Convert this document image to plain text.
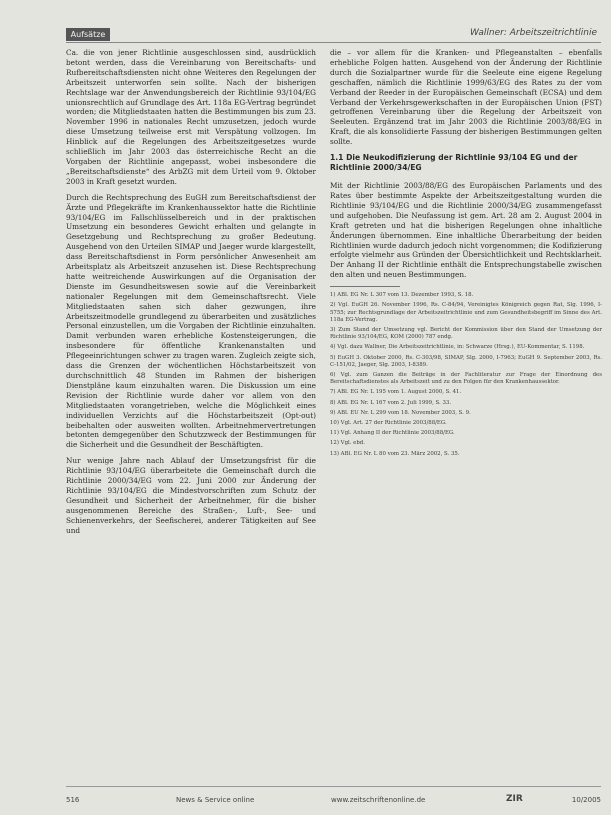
Aufsätze	Wallner: Arbeitszeitrichtlinie

Ca. die von jener Richtlinie ausgeschlossen sind, ausdrücklich betont werden, dass die Vereinbarung von Bereitschafts- und Rufbereitschaftsdiensten nicht ohne Weiteres den Regelungen der Arbeitszeit unterworfen sein sollte. Nach der bisherigen Rechtslage war der Anwendungsbereich der Richtlinie 93/104/EG unionsrechtlich auf Grundlage des Art. 118a EG-Vertrag begründet worden; die Mitgliedstaaten hatten die Bestimmungen bis zum 23. November 1996 in nationales Recht umzusetzen, jedoch wurde diese Umsetzung teilweise erst mit Verspätung vollzogen. Im Hinblick auf die Regelungen des Arbeitszeitgesetzes wurde schließlich im Jahr 2003 das österreichische Recht an die Vorgaben der Richtlinie angepasst, wobei insbesondere die „Bereitschaftsdienste“ des ArbZG mit dem Urteil vom 9. Oktober 2003 in Kraft gesetzt wurden.

Durch die Rechtsprechung des EuGH zum Bereitschaftsdienst der Ärzte und Pflegekräfte im Krankenhaussektor hatte die Richtlinie 93/104/EG im Fallschlüsselbereich und in der praktischen Umsetzung ein besonderes Gewicht erhalten und gelangte in Gesetzgebung und Rechtsprechung zu großer Bedeutung. Ausgehend von den Urteilen SIMAP und Jaeger wurde klargestellt, dass Bereitschaftsdienst in Form persönlicher Anwesenheit am Arbeitsplatz als Arbeitszeit anzusehen ist. Diese Rechtsprechung hatte weitreichende Auswirkungen auf die Organisation der Dienste im Gesundheitswesen sowie auf die Vereinbarkeit nationaler Regelungen mit dem Gemeinschaftsrecht. Viele Mitgliedstaaten sahen sich daher gezwungen, ihre Arbeitszeitmodelle grundlegend zu überarbeiten und zusätzliches Personal einzustellen, um die Vorgaben der Richtlinie einzuhalten. Damit verbunden waren erhebliche Kostensteigerungen, die insbesondere für öffentliche Krankenanstalten und Pflegeeinrichtungen schwer zu tragen waren. Zugleich zeigte sich, dass die Grenzen der wöchentlichen Höchstarbeitszeit von durchschnittlich 48 Stunden im Rahmen der bisherigen Dienstpläne kaum einzuhalten waren. Die Diskussion um eine Revision der Richtlinie wurde daher vor allem von den Mitgliedstaaten vorangetrieben, welche die Möglichkeit eines individuellen Verzichts auf die Höchstarbeitszeit (Opt-out) beibehalten oder ausweiten wollten. Arbeitnehmervertretungen betonten demgegenüber den Schutzzweck der Bestimmungen für die Sicherheit und die Gesundheit der Beschäftigten.

Nur wenige Jahre nach Ablauf der Umsetzungsfrist für die Richtlinie 93/104/EG überarbeitete die Gemeinschaft durch die Richtlinie 2000/34/EG vom 22. Juni 2000 zur Änderung der Richtlinie 93/104/EG die Mindestvorschriften zum Schutz der Gesundheit und Sicherheit der Arbeitnehmer, für die bisher ausgenommenen Bereiche des Straßen-, Luft-, See- und Schienenverkehrs, der Seefischerei, anderer Tätigkeiten auf See und

die – vor allem für die Kranken- und Pflegeanstalten – ebenfalls erhebliche Folgen hatten. Ausgehend von der Änderung der Richtlinie durch die Sozialpartner wurde für die Seeleute eine eigene Regelung geschaffen, nämlich die Richtlinie 1999/63/EG des Rates zu der vom Verband der Reeder in der Europäischen Gemeinschaft (ECSA) und dem Verband der Verkehrsgewerkschaften in der Europäischen Union (FST) getroffenen Vereinbarung über die Regelung der Arbeitszeit von Seeleuten. Ergänzend trat im Jahr 2003 die Richtlinie 2003/88/EG in Kraft, die als konsolidierte Fassung der bisherigen Bestimmungen gelten sollte.

1.1 Die Neukodifizierung der Richtlinie 93/104 EG und der Richtlinie 2000/34/EG

Mit der Richtlinie 2003/88/EG des Europäischen Parlaments und des Rates über bestimmte Aspekte der Arbeitszeitgestaltung wurden die Richtlinie 93/104/EG und die Richtlinie 2000/34/EG zusammengefasst und aufgehoben. Die Neufassung ist gem. Art. 28 am 2. August 2004 in Kraft getreten und hat die bisherigen Regelungen ohne inhaltliche Änderungen übernommen. Eine inhaltliche Überarbeitung der beiden Richtlinien wurde dadurch jedoch nicht vorgenommen; die Kodifizierung erfolgte vielmehr aus Gründen der Übersichtlichkeit und Rechtsklarheit. Der Anhang II der Richtlinie enthält die Entsprechungstabelle zwischen den alten und neuen Bestimmungen.

1) ABl. EG Nr. L 307 vom 13. Dezember 1993, S. 18.
2) Vgl. EuGH 26. November 1996, Rs. C-84/94, Vereinigtes Königreich gegen Rat, Slg. 1996, I-5755; zur Rechtsgrundlage der Arbeitszeitrichtlinie und zum Gesundheitsbegriff im Sinne des Art. 118a EG-Vertrag.
3) Zum Stand der Umsetzung vgl. Bericht der Kommission über den Stand der Umsetzung der Richtlinie 93/104/EG, KOM (2000) 787 endg.
4) Vgl. dazu Wallner, Die Arbeitszeitrichtlinie, in: Schwarze (Hrsg.), EU-Kommentar, S. 1198.
5) EuGH 3. Oktober 2000, Rs. C-303/98, SIMAP, Slg. 2000, I-7963; EuGH 9. September 2003, Rs. C-151/02, Jaeger, Slg. 2003, I-8389.
6) Vgl. zum Ganzen die Beiträge in der Fachliteratur zur Frage der Einordnung des Bereitschaftsdienstes als Arbeitszeit und zu den Folgen für den Krankenhaussektor.
7) ABl. EG Nr. L 195 vom 1. August 2000, S. 41.
8) ABl. EG Nr. L 167 vom 2. Juli 1999, S. 33.
9) ABl. EU Nr. L 299 vom 18. November 2003, S. 9.
10) Vgl. Art. 27 der Richtlinie 2003/88/EG.
11) Vgl. Anhang II der Richtlinie 2003/88/EG.
12) Vgl. ebd.
13) ABl. EG Nr. L 80 vom 23. März 2002, S. 35.
516	News & Service online	www.zeitschriftenonline.de	ZIR	10/2005
